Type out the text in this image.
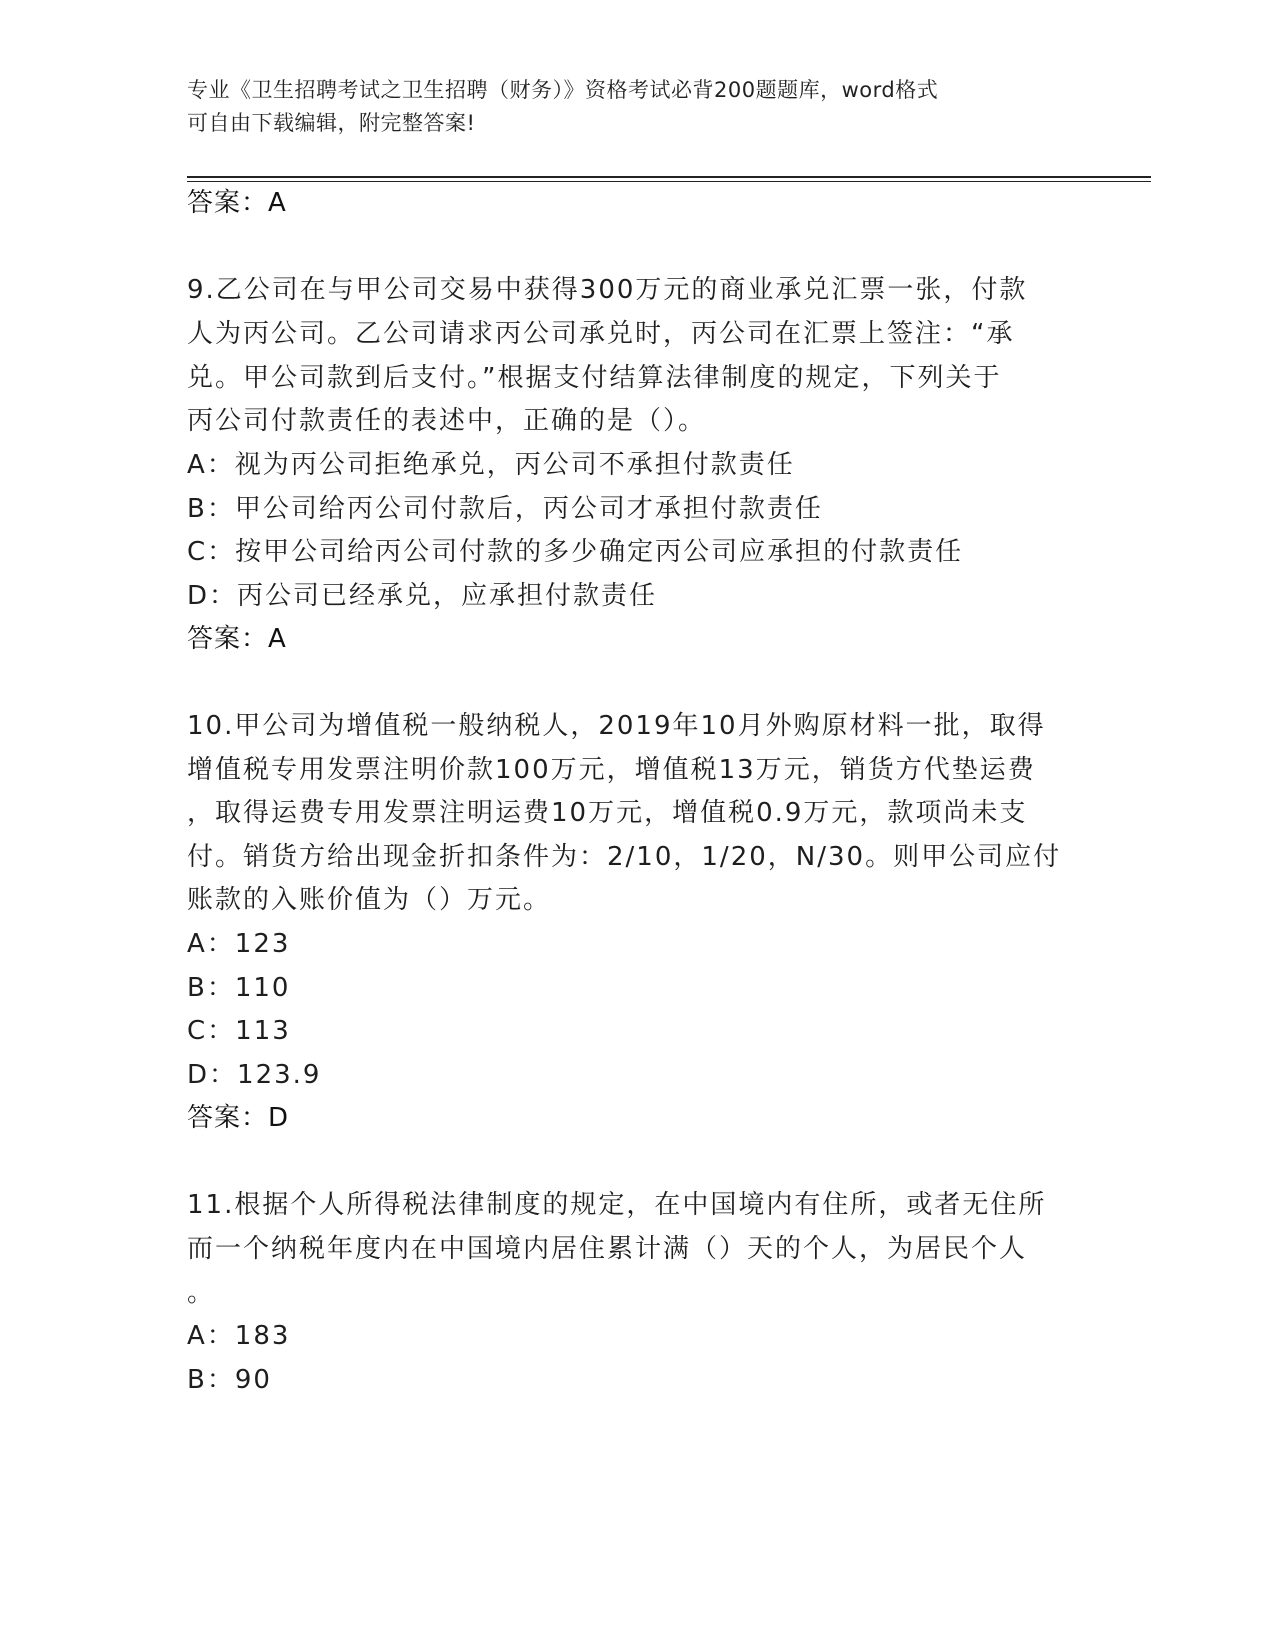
专业《卫生招聘考试之卫生招聘（财务）》资格考试必背200题题库，word格式
可自由下载编辑，附完整答案!
答案：A
9.乙公司在与甲公司交易中获得300万元的商业承兑汇票一张，付款
人为丙公司。乙公司请求丙公司承兑时，丙公司在汇票上签注：“承
兑。甲公司款到后支付。”根据支付结算法律制度的规定，下列关于
丙公司付款责任的表述中，正确的是（）。
A：视为丙公司拒绝承兑，丙公司不承担付款责任
B：甲公司给丙公司付款后，丙公司才承担付款责任
C：按甲公司给丙公司付款的多少确定丙公司应承担的付款责任
D：丙公司已经承兑，应承担付款责任
答案：A
10.甲公司为增值税一般纳税人，2019年10月外购原材料一批，取得
增值税专用发票注明价款100万元，增值税13万元，销货方代垫运费
，取得运费专用发票注明运费10万元，增值税0.9万元，款项尚未支
付。销货方给出现金折扣条件为：2/10，1/20，N/30。则甲公司应付
账款的入账价值为（）万元。
A：123
B：110
C：113
D：123.9
答案：D
11.根据个人所得税法律制度的规定，在中国境内有住所，或者无住所
而一个纳税年度内在中国境内居住累计满（）天的个人，为居民个人
。
A：183
B：90
